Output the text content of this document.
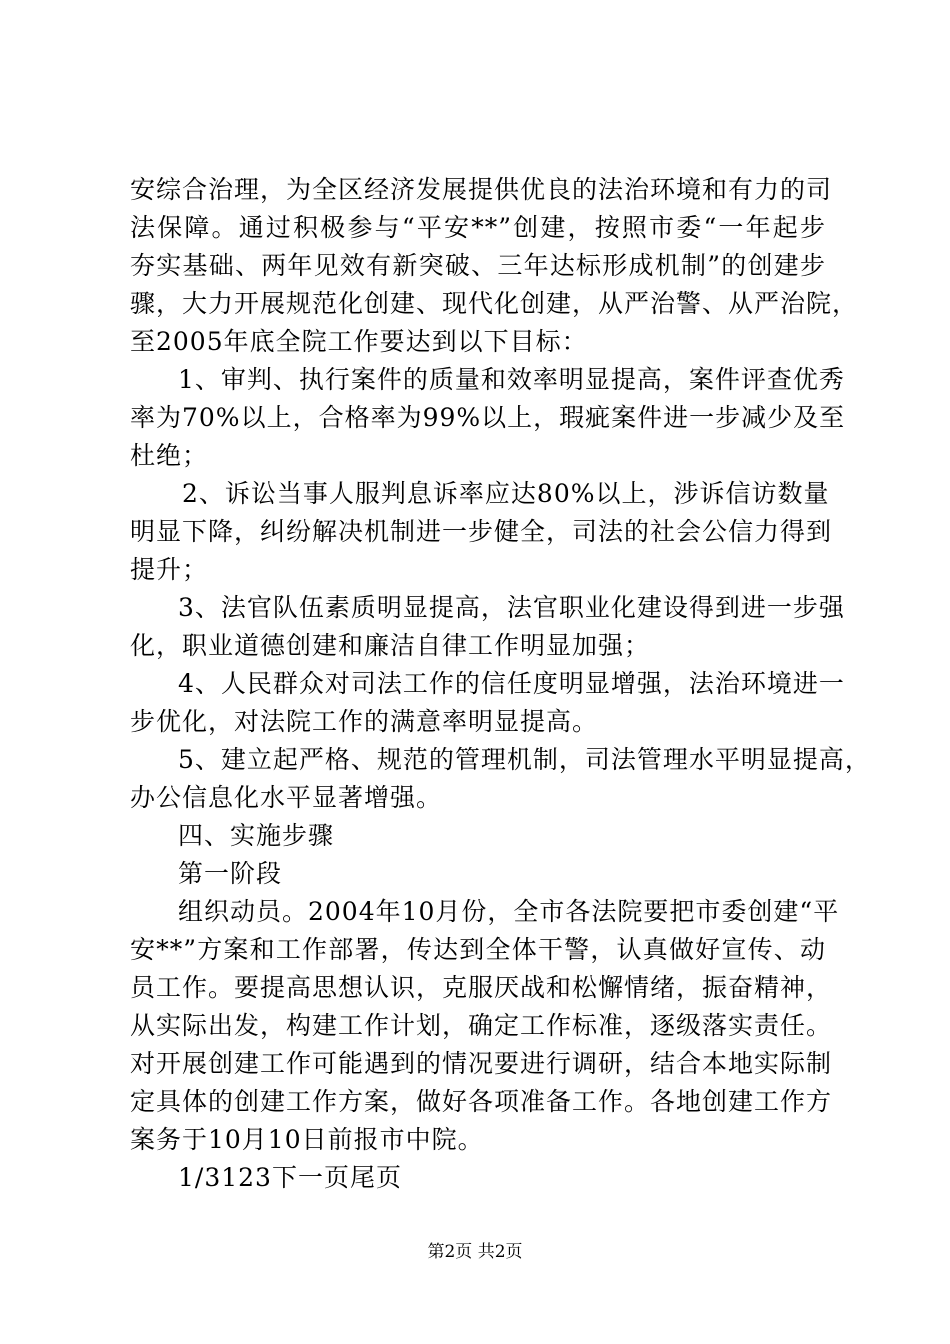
安综合治理，为全区经济发展提供优良的法治环境和有力的司
法保障。通过积极参与“平安**”创建，按照市委“一年起步
夯实基础、两年见效有新突破、三年达标形成机制”的创建步
骤，大力开展规范化创建、现代化创建，从严治警、从严治院，
至2005年底全院工作要达到以下目标：
1、审判、执行案件的质量和效率明显提高，案件评查优秀
率为70%以上，合格率为99%以上，瑕疵案件进一步减少及至
杜绝；
2、诉讼当事人服判息诉率应达80%以上，涉诉信访数量
明显下降，纠纷解决机制进一步健全，司法的社会公信力得到
提升；
3、法官队伍素质明显提高，法官职业化建设得到进一步强
化，职业道德创建和廉洁自律工作明显加强；
4、人民群众对司法工作的信任度明显增强，法治环境进一
步优化，对法院工作的满意率明显提高。
5、建立起严格、规范的管理机制，司法管理水平明显提高，
办公信息化水平显著增强。
四、实施步骤
第一阶段
组织动员。2004年10月份，全市各法院要把市委创建“平
安**”方案和工作部署，传达到全体干警，认真做好宣传、动
员工作。要提高思想认识，克服厌战和松懈情绪，振奋精神，
从实际出发，构建工作计划，确定工作标准，逐级落实责任。
对开展创建工作可能遇到的情况要进行调研，结合本地实际制
定具体的创建工作方案，做好各项准备工作。各地创建工作方
案务于10月10日前报市中院。
1/3123下一页尾页
第2页 共2页
